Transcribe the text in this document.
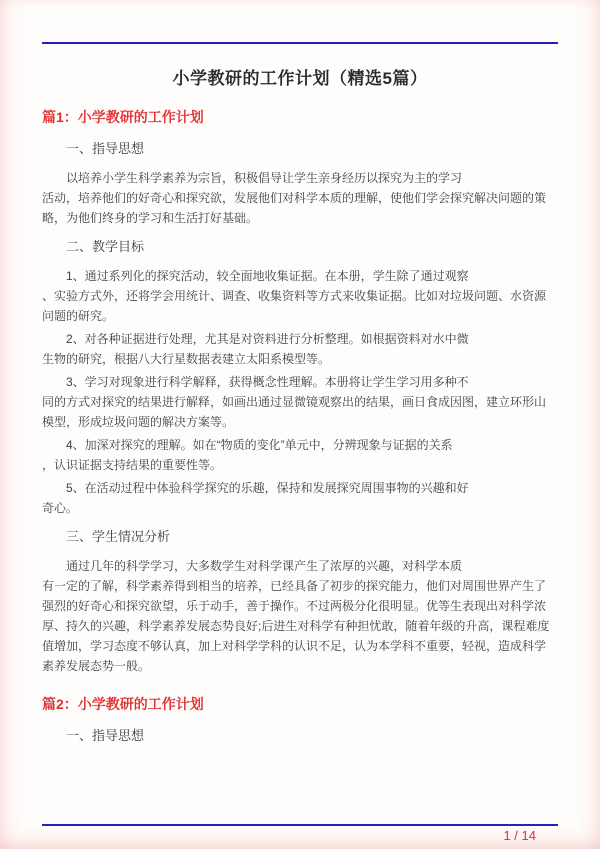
小学教研的工作计划（精选5篇）
篇1：小学教研的工作计划
一、指导思想

以培养小学生科学素养为宗旨，积极倡导让学生亲身经历以探究为主的学习
活动，培养他们的好奇心和探究欲，发展他们对科学本质的理解，使他们学会探究解决问题的策
略，为他们终身的学习和生活打好基础。

二、教学目标

1、通过系列化的探究活动，较全面地收集证据。在本册，学生除了通过观察
、实验方式外，还将学会用统计、调查、收集资料等方式来收集证据。比如对垃圾问题、水资源
问题的研究。

2、对各种证据进行处理，尤其是对资料进行分析整理。如根据资料对水中微
生物的研究，根据八大行星数据表建立太阳系模型等。

3、学习对现象进行科学解释，获得概念性理解。本册将让学生学习用多种不
同的方式对探究的结果进行解释，如画出通过显微镜观察出的结果，画日食成因图，建立环形山
模型，形成垃圾问题的解决方案等。

4、加深对探究的理解。如在“物质的变化”单元中，分辨现象与证据的关系
，认识证据支持结果的重要性等。

5、在活动过程中体验科学探究的乐趣，保持和发展探究周围事物的兴趣和好
奇心。

三、学生情况分析

通过几年的科学学习，大多数学生对科学课产生了浓厚的兴趣，对科学本质
有一定的了解，科学素养得到相当的培养，已经具备了初步的探究能力，他们对周围世界产生了
强烈的好奇心和探究欲望，乐于动手，善于操作。不过两极分化很明显。优等生表现出对科学浓
厚、持久的兴趣，科学素养发展态势良好;后进生对科学有种担忧敢，随着年级的升高，课程难度
值增加，学习态度不够认真，加上对科学学科的认识不足，认为本学科不重要，轻视，造成科学
素养发展态势一般。

篇2：小学教研的工作计划
一、指导思想
1 / 14
